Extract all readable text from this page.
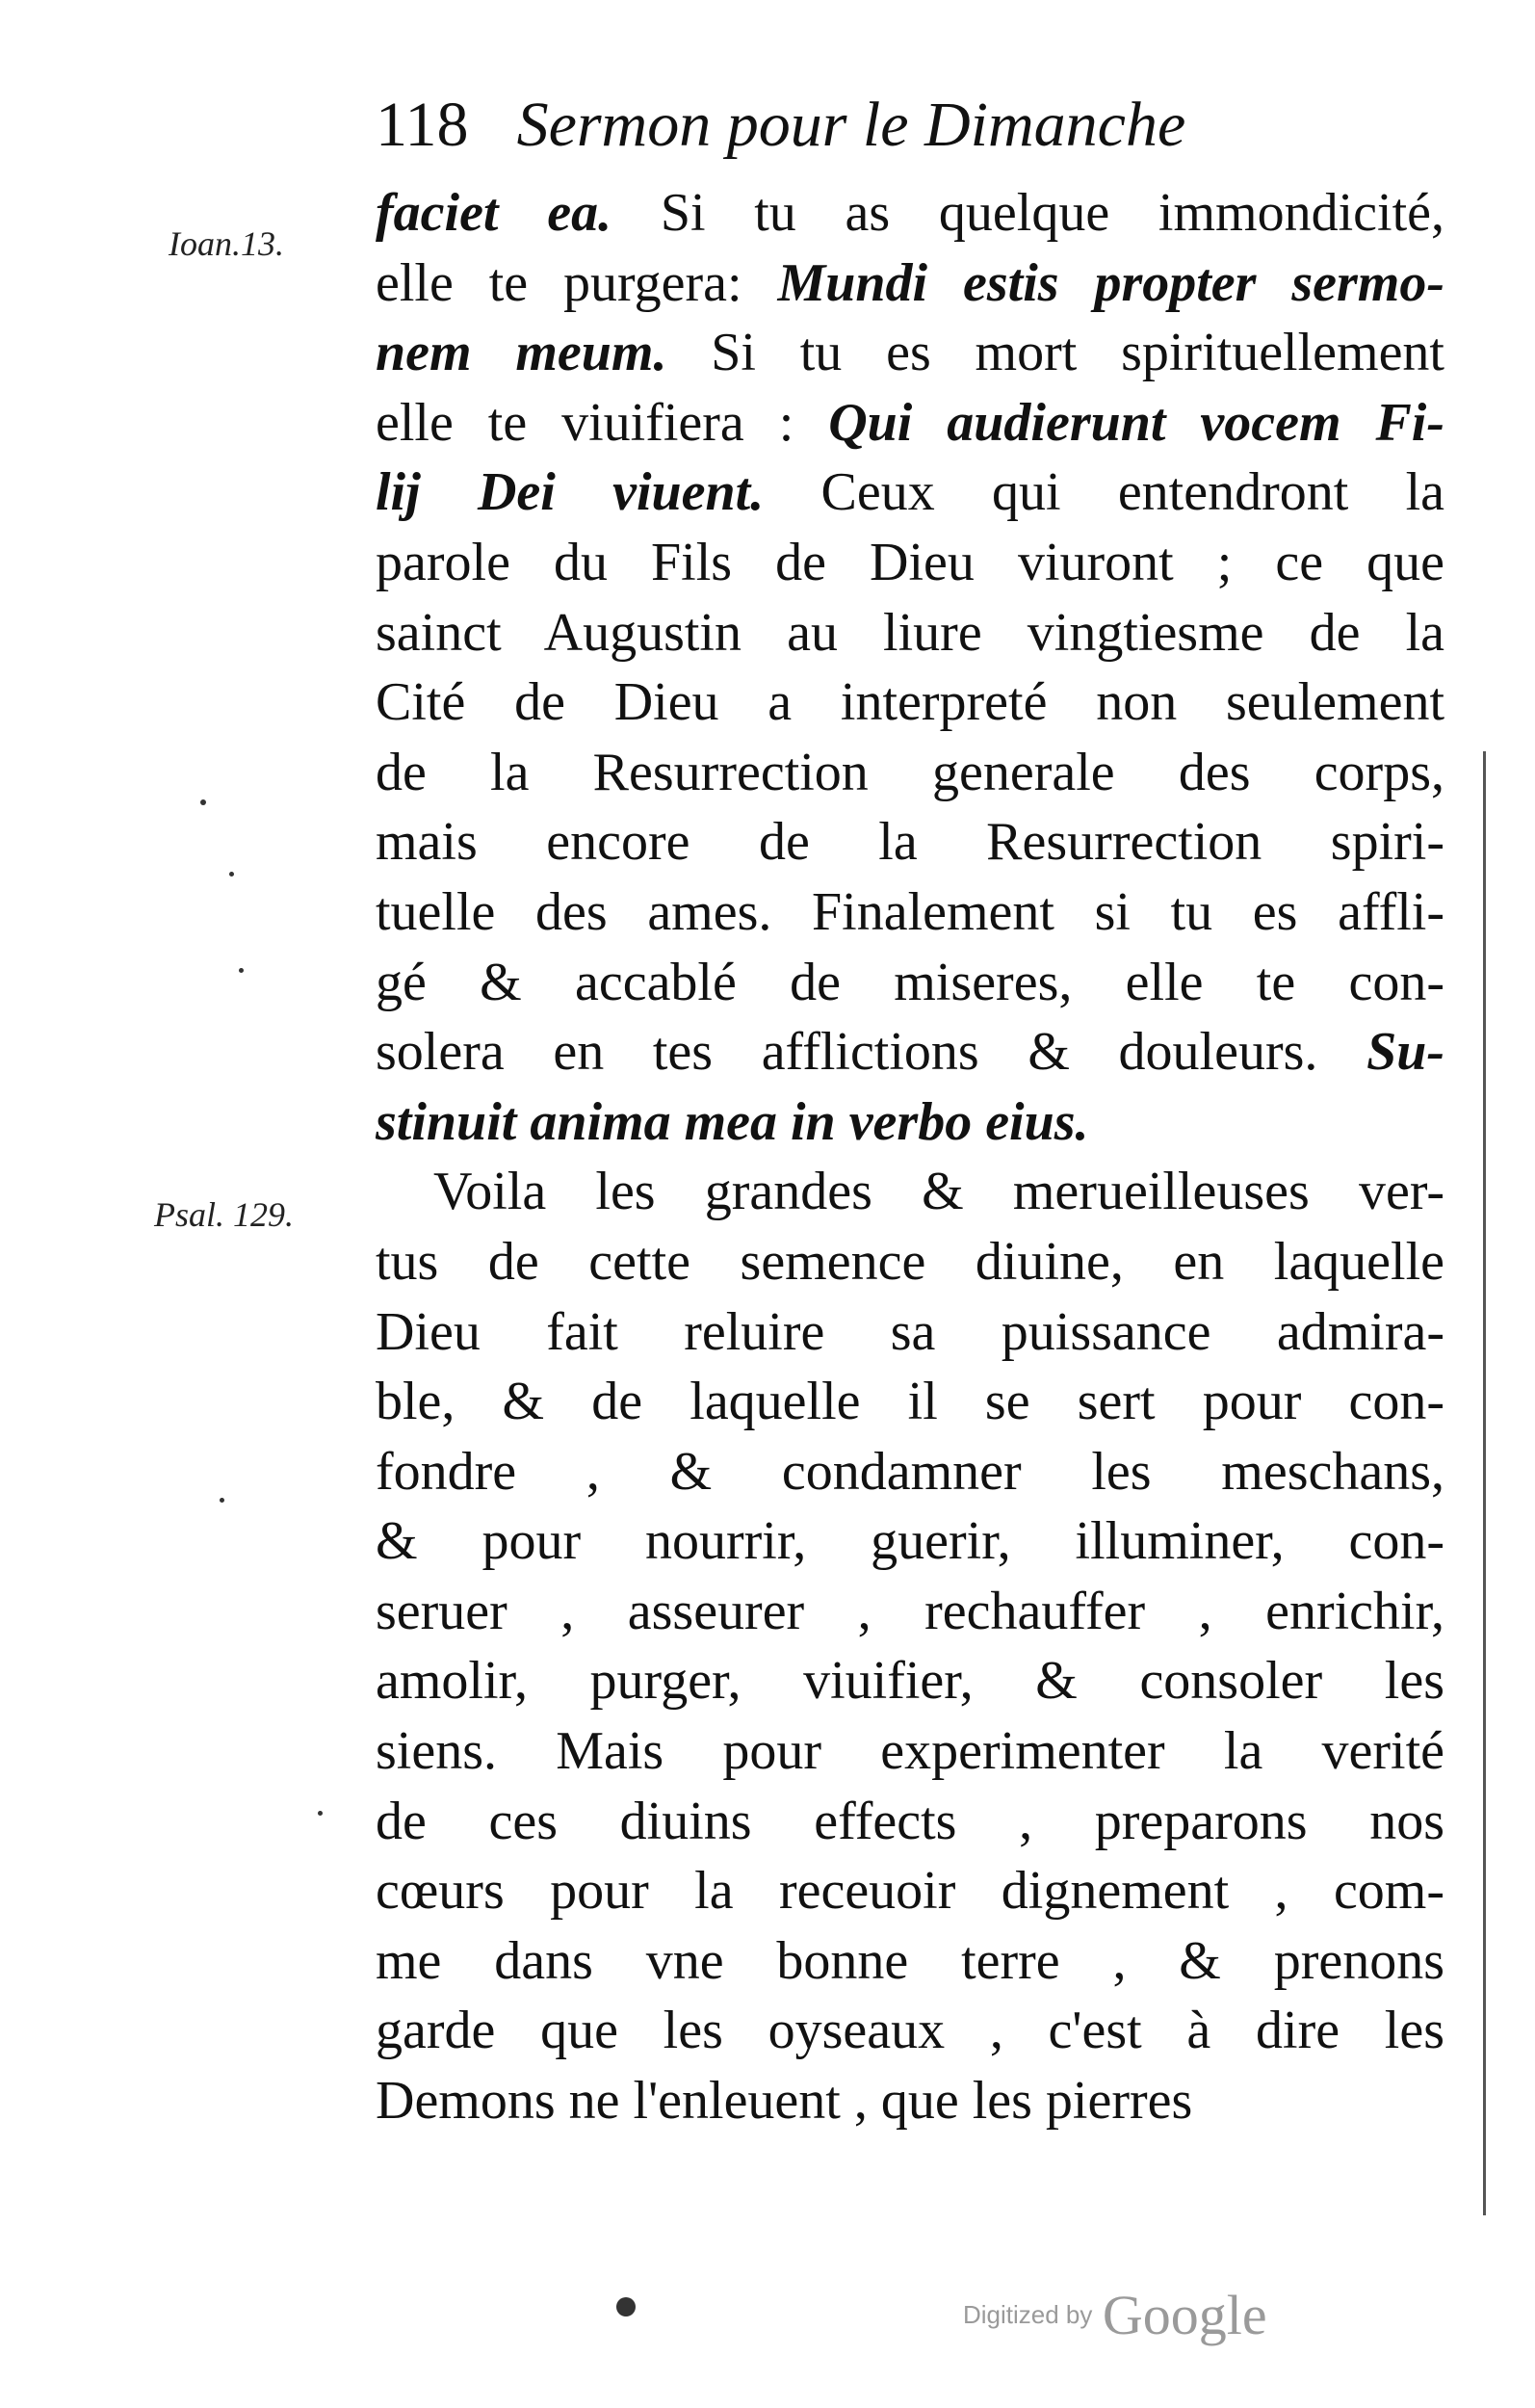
118 Sermon pour le Dimanche
Ioan.13.
Psal. 129.
faciet ea. Si tu as quelque immondicité,
elle te purgera: Mundi estis propter sermo-
nem meum. Si tu es mort spirituellement
elle te viuifiera : Qui audierunt vocem Fi-
lij Dei viuent. Ceux qui entendront la
parole du Fils de Dieu viuront ; ce que
sainct Augustin au liure vingtiesme de la
Cité de Dieu a interpreté non seulement
de la Resurrection generale des corps,
mais encore de la Resurrection spiri-
tuelle des ames. Finalement si tu es affli-
gé & accablé de miseres, elle te con-
solera en tes afflictions & douleurs. Su-
stinuit anima mea in verbo eius.
Voila les grandes & merueilleuses ver-
tus de cette semence diuine, en laquelle
Dieu fait reluire sa puissance admira-
ble, & de laquelle il se sert pour con-
fondre , & condamner les meschans,
& pour nourrir, guerir, illuminer, con-
seruer , asseurer , rechauffer , enrichir,
amolir, purger, viuifier, & consoler les
siens. Mais pour experimenter la verité
de ces diuins effects , preparons nos
cœurs pour la receuoir dignement , com-
me dans vne bonne terre , & prenons
garde que les oyseaux , c'est à dire les
Demons ne l'enleuent , que les pierres
Digitized by Google
